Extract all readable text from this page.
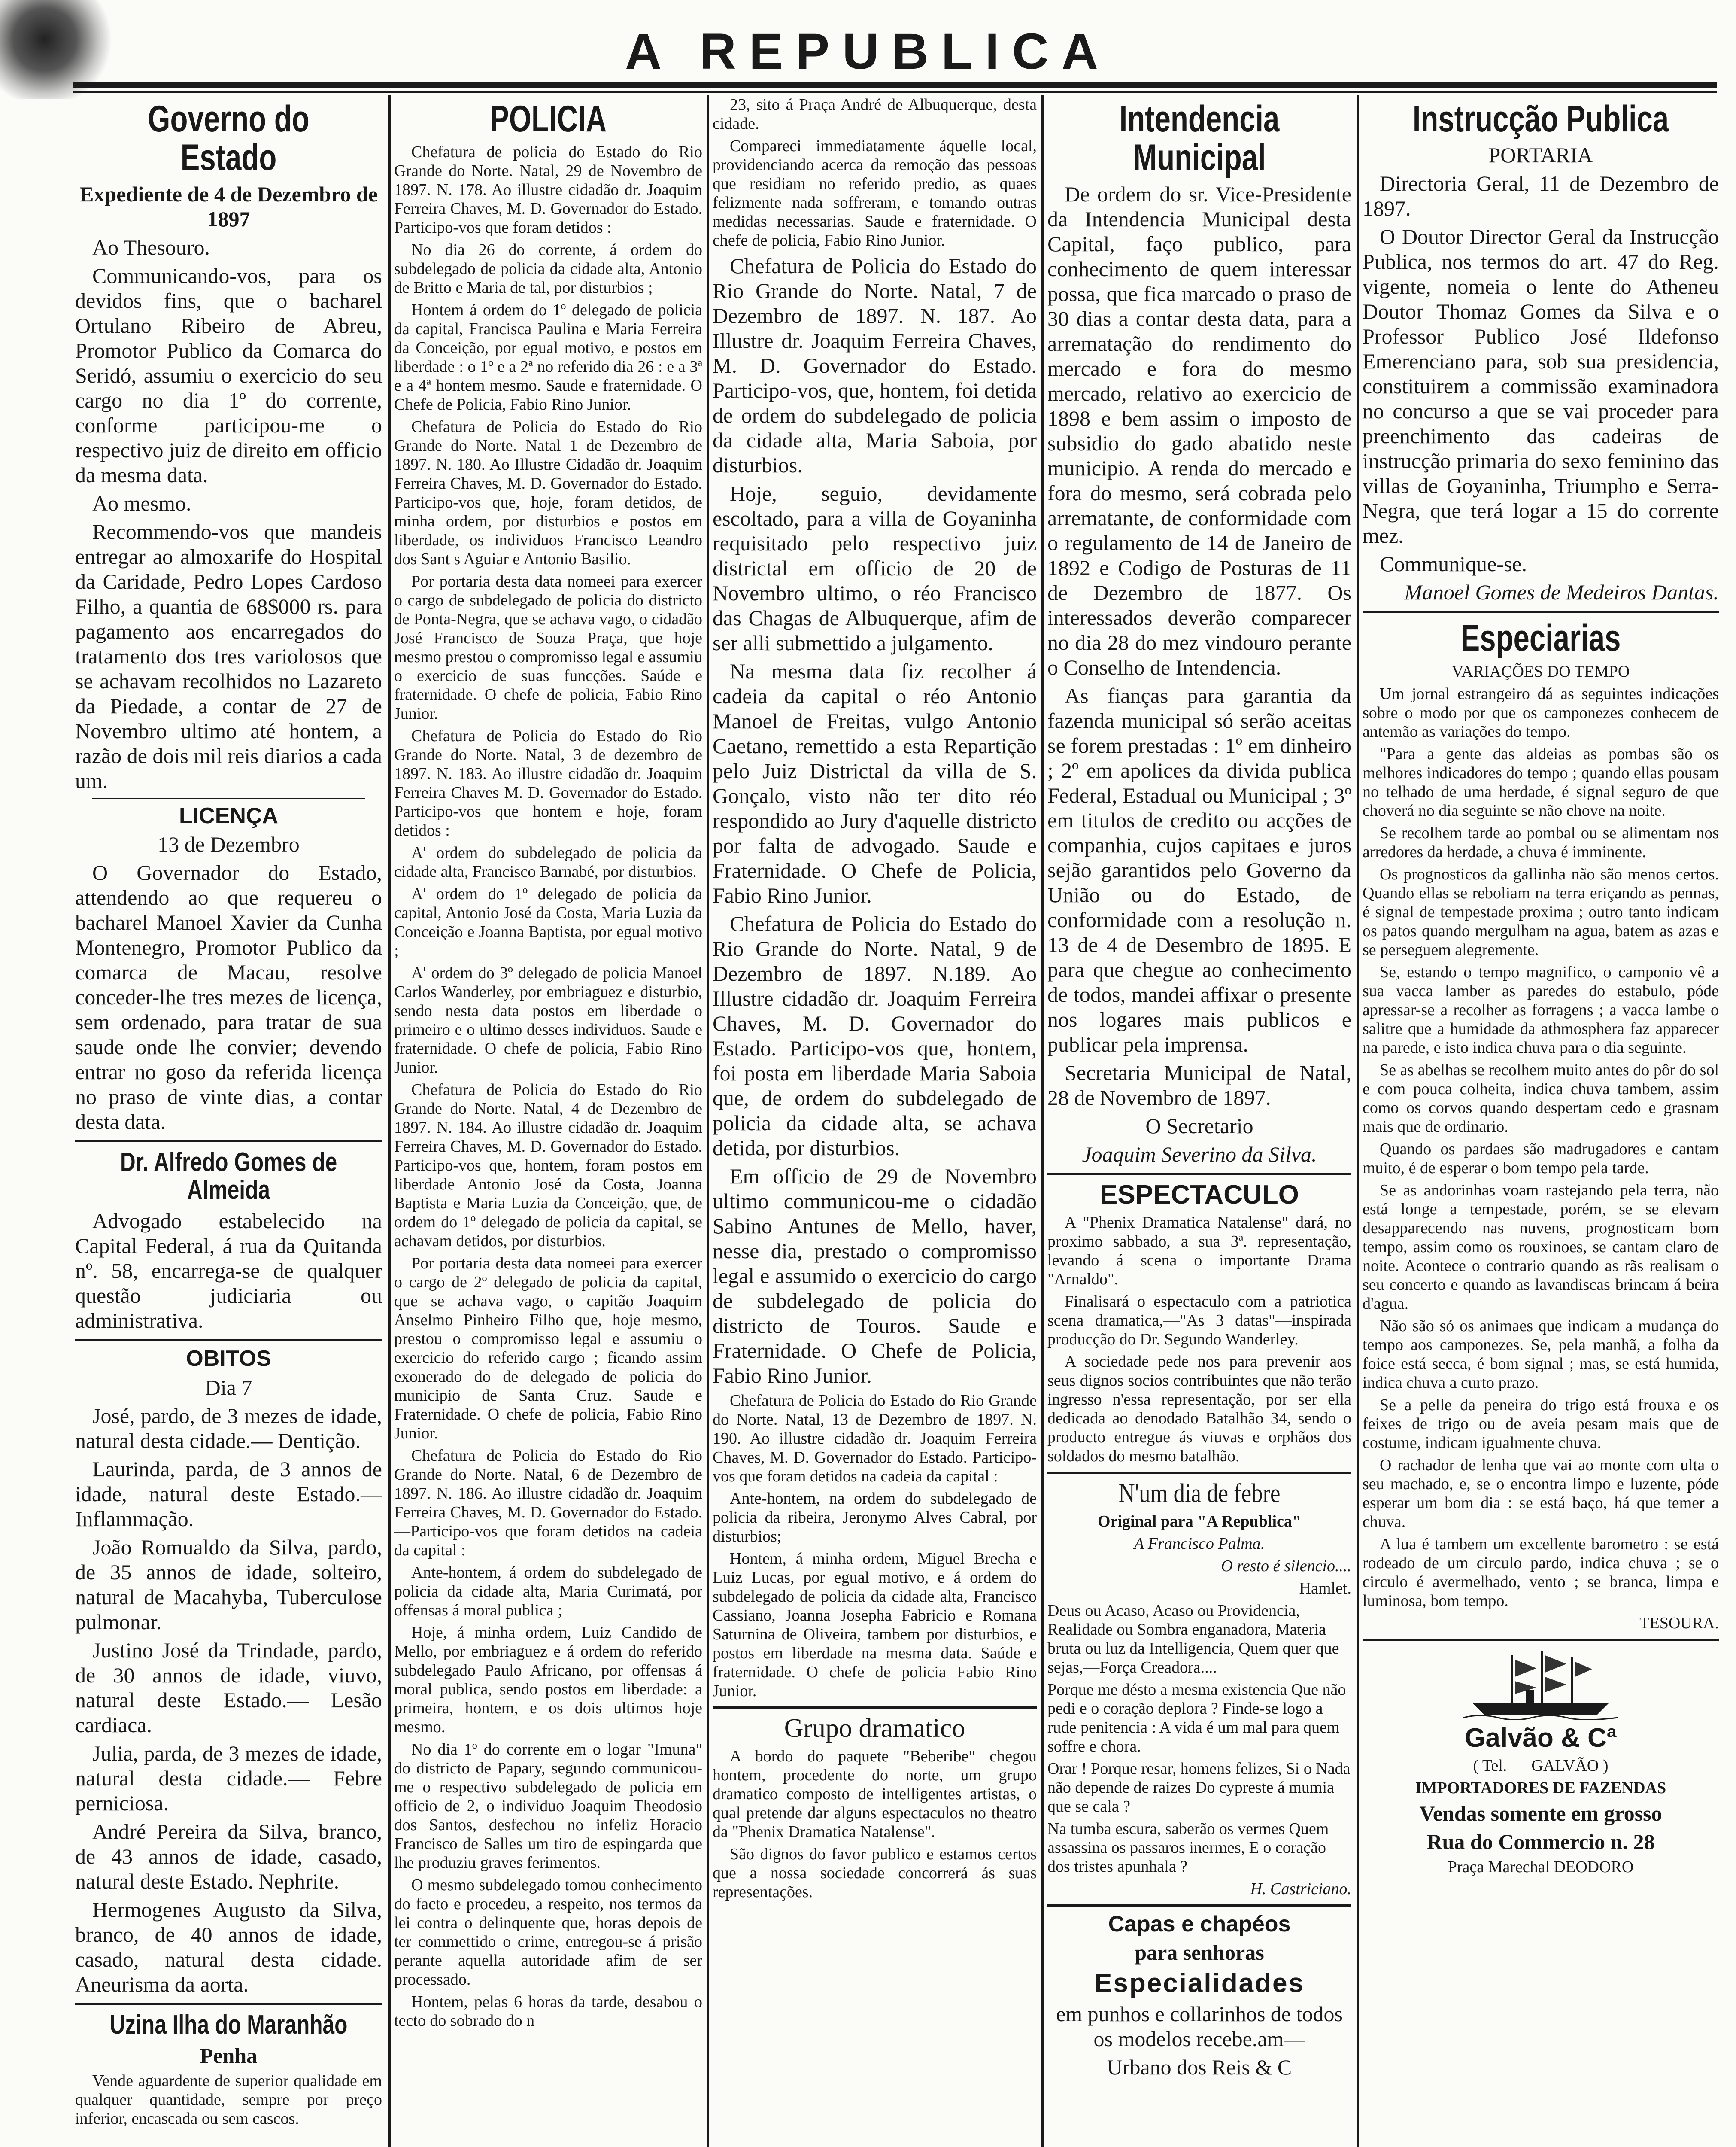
A REPUBLICA
Governo do Estado

Expediente de 4 de Dezembro de 1897

Ao Thesouro.

Communicando-vos, para os devidos fins, que o bacharel Ortulano Ribeiro de Abreu, Promotor Publico da Comarca do Seridó, assumiu o exercicio do seu cargo no dia 1º do corrente, conforme participou-me o respectivo juiz de direito em officio da mesma data.

Ao mesmo.

Recommendo-vos que mandeis entregar ao almoxarife do Hospital da Caridade, Pedro Lopes Cardoso Filho, a quantia de 68$000 rs. para pagamento aos encarregados do tratamento dos tres variolosos que se achavam recolhidos no Lazareto da Piedade, a contar de 27 de Novembro ultimo até hontem, a razão de dois mil reis diarios a cada um.

LICENÇA

13 de Dezembro

O Governador do Estado, attendendo ao que requereu o bacharel Manoel Xavier da Cunha Montenegro, Promotor Publico da comarca de Macau, resolve conceder-lhe tres mezes de licença, sem ordenado, para tratar de sua saude onde lhe convier; devendo entrar no goso da referida licença no praso de vinte dias, a contar desta data.

Dr. Alfredo Gomes de Almeida

Advogado estabelecido na Capital Federal, á rua da Quitanda nº. 58, encarrega-se de qualquer questão judiciaria ou administrativa.

OBITOS

Dia 7

José, pardo, de 3 mezes de idade, natural desta cidade.— Dentição.

Laurinda, parda, de 3 annos de idade, natural deste Estado.— Inflammação.

João Romualdo da Silva, pardo, de 35 annos de idade, solteiro, natural de Macahyba, Tuberculose pulmonar.

Justino José da Trindade, pardo, de 30 annos de idade, viuvo, natural deste Estado.— Lesão cardiaca.

Julia, parda, de 3 mezes de idade, natural desta cidade.— Febre perniciosa.

André Pereira da Silva, branco, de 43 annos de idade, casado, natural deste Estado. Nephrite.

Hermogenes Augusto da Silva, branco, de 40 annos de idade, casado, natural desta cidade. Aneurisma da aorta.

Uzina Ilha do Maranhão

Penha

Vende aguardente de superior qualidade em qualquer quantidade, sempre por preço inferior, encascada ou sem cascos.

POLICIA

Chefatura de policia do Estado do Rio Grande do Norte. Natal, 29 de Novembro de 1897. N. 178. Ao illustre cidadão dr. Joaquim Ferreira Chaves, M. D. Governador do Estado. Participo-vos que foram detidos :

No dia 26 do corrente, á ordem do subdelegado de policia da cidade alta, Antonio de Britto e Maria de tal, por disturbios ;

Hontem á ordem do 1º delegado de policia da capital, Francisca Paulina e Maria Ferreira da Conceição, por egual motivo, e postos em liberdade : o 1º e a 2ª no referido dia 26 : e a 3ª e a 4ª hontem mesmo. Saude e fraternidade. O Chefe de Policia, Fabio Rino Junior.

Chefatura de Policia do Estado do Rio Grande do Norte. Natal 1 de Dezembro de 1897. N. 180. Ao Illustre Cidadão dr. Joaquim Ferreira Chaves, M. D. Governador do Estado. Participo-vos que, hoje, foram detidos, de minha ordem, por disturbios e postos em liberdade, os individuos Francisco Leandro dos Sant s Aguiar e Antonio Basilio.

Por portaria desta data nomeei para exercer o cargo de subdelegado de policia do districto de Ponta-Negra, que se achava vago, o cidadão José Francisco de Souza Praça, que hoje mesmo prestou o compromisso legal e assumiu o exercicio de suas funcções. Saúde e fraternidade. O chefe de policia, Fabio Rino Junior.

Chefatura de Policia do Estado do Rio Grande do Norte. Natal, 3 de dezembro de 1897. N. 183. Ao illustre cidadão dr. Joaquim Ferreira Chaves M. D. Governador do Estado. Participo-vos que hontem e hoje, foram detidos :

A' ordem do subdelegado de policia da cidade alta, Francisco Barnabé, por disturbios.

A' ordem do 1º delegado de policia da capital, Antonio José da Costa, Maria Luzia da Conceição e Joanna Baptista, por egual motivo ;

A' ordem do 3º delegado de policia Manoel Carlos Wanderley, por embriaguez e disturbio, sendo nesta data postos em liberdade o primeiro e o ultimo desses individuos. Saude e fraternidade. O chefe de policia, Fabio Rino Junior.

Chefatura de Policia do Estado do Rio Grande do Norte. Natal, 4 de Dezembro de 1897. N. 184. Ao illustre cidadão dr. Joaquim Ferreira Chaves, M. D. Governador do Estado. Participo-vos que, hontem, foram postos em liberdade Antonio José da Costa, Joanna Baptista e Maria Luzia da Conceição, que, de ordem do 1º delegado de policia da capital, se achavam detidos, por disturbios.

Por portaria desta data nomeei para exercer o cargo de 2º delegado de policia da capital, que se achava vago, o capitão Joaquim Anselmo Pinheiro Filho que, hoje mesmo, prestou o compromisso legal e assumiu o exercicio do referido cargo ; ficando assim exonerado do de delegado de policia do municipio de Santa Cruz. Saude e Fraternidade. O chefe de policia, Fabio Rino Junior.

Chefatura de Policia do Estado do Rio Grande do Norte. Natal, 6 de Dezembro de 1897. N. 186. Ao illustre cidadão dr. Joaquim Ferreira Chaves, M. D. Governador do Estado.—Participo-vos que foram detidos na cadeia da capital :

Ante-hontem, á ordem do subdelegado de policia da cidade alta, Maria Curimatá, por offensas á moral publica ;

Hoje, á minha ordem, Luiz Candido de Mello, por embriaguez e á ordem do referido subdelegado Paulo Africano, por offensas á moral publica, sendo postos em liberdade: a primeira, hontem, e os dois ultimos hoje mesmo.

No dia 1º do corrente em o logar "Imuna" do districto de Papary, segundo communicou-me o respectivo subdelegado de policia em officio de 2, o individuo Joaquim Theodosio dos Santos, desfechou no infeliz Horacio Francisco de Salles um tiro de espingarda que lhe produziu graves ferimentos.

O mesmo subdelegado tomou conhecimento do facto e procedeu, a respeito, nos termos da lei contra o delinquente que, horas depois de ter commettido o crime, entregou-se á prisão perante aquella autoridade afim de ser processado.

Hontem, pelas 6 horas da tarde, desabou o tecto do sobrado do n

23, sito á Praça André de Albuquerque, desta cidade.

Compareci immediatamente áquelle local, providenciando acerca da remoção das pessoas que residiam no referido predio, as quaes felizmente nada soffreram, e tomando outras medidas necessarias. Saude e fraternidade. O chefe de policia, Fabio Rino Junior.

Chefatura de Policia do Estado do Rio Grande do Norte. Natal, 7 de Dezembro de 1897. N. 187. Ao Illustre dr. Joaquim Ferreira Chaves, M. D. Governador do Estado. Participo-vos, que, hontem, foi detida de ordem do subdelegado de policia da cidade alta, Maria Saboia, por disturbios.

Hoje, seguio, devidamente escoltado, para a villa de Goyaninha requisitado pelo respectivo juiz districtal em officio de 20 de Novembro ultimo, o réo Francisco das Chagas de Albuquerque, afim de ser alli submettido a julgamento.

Na mesma data fiz recolher á cadeia da capital o réo Antonio Manoel de Freitas, vulgo Antonio Caetano, remettido a esta Repartição pelo Juiz Districtal da villa de S. Gonçalo, visto não ter dito réo respondido ao Jury d'aquelle districto por falta de advogado. Saude e Fraternidade. O Chefe de Policia, Fabio Rino Junior.

Chefatura de Policia do Estado do Rio Grande do Norte. Natal, 9 de Dezembro de 1897. N.189. Ao Illustre cidadão dr. Joaquim Ferreira Chaves, M. D. Governador do Estado. Participo-vos que, hontem, foi posta em liberdade Maria Saboia que, de ordem do subdelegado de policia da cidade alta, se achava detida, por disturbios.

Em officio de 29 de Novembro ultimo communicou-me o cidadão Sabino Antunes de Mello, haver, nesse dia, prestado o compromisso legal e assumido o exercicio do cargo de subdelegado de policia do districto de Touros. Saude e Fraternidade. O Chefe de Policia, Fabio Rino Junior.

Chefatura de Policia do Estado do Rio Grande do Norte. Natal, 13 de Dezembro de 1897. N. 190. Ao illustre cidadão dr. Joaquim Ferreira Chaves, M. D. Governador do Estado. Participo-vos que foram detidos na cadeia da capital :

Ante-hontem, na ordem do subdelegado de policia da ribeira, Jeronymo Alves Cabral, por disturbios;

Hontem, á minha ordem, Miguel Brecha e Luiz Lucas, por egual motivo, e á ordem do subdelegado de policia da cidade alta, Francisco Cassiano, Joanna Josepha Fabricio e Romana Saturnina de Oliveira, tambem por disturbios, e postos em liberdade na mesma data. Saúde e fraternidade. O chefe de policia Fabio Rino Junior.

Grupo dramatico

A bordo do paquete "Beberibe" chegou hontem, procedente do norte, um grupo dramatico composto de intelligentes artistas, o qual pretende dar alguns espectaculos no theatro da "Phenix Dramatica Natalense".

São dignos do favor publico e estamos certos que a nossa sociedade concorrerá ás suas representações.

Intendencia Municipal

De ordem do sr. Vice-Presidente da Intendencia Municipal desta Capital, faço publico, para conhecimento de quem interessar possa, que fica marcado o praso de 30 dias a contar desta data, para a arrematação do rendimento do mercado e fora do mesmo mercado, relativo ao exercicio de 1898 e bem assim o imposto de subsidio do gado abatido neste municipio. A renda do mercado e fora do mesmo, será cobrada pelo arrematante, de conformidade com o regulamento de 14 de Janeiro de 1892 e Codigo de Posturas de 11 de Dezembro de 1877. Os interessados deverão comparecer no dia 28 do mez vindouro perante o Conselho de Intendencia.

As fianças para garantia da fazenda municipal só serão aceitas se forem prestadas : 1º em dinheiro ; 2º em apolices da divida publica Federal, Estadual ou Municipal ; 3º em titulos de credito ou acções de companhia, cujos capitaes e juros sejão garantidos pelo Governo da União ou do Estado, de conformidade com a resolução n. 13 de 4 de Desembro de 1895. E para que chegue ao conhecimento de todos, mandei affixar o presente nos logares mais publicos e publicar pela imprensa.

Secretaria Municipal de Natal, 28 de Novembro de 1897.

O Secretario

Joaquim Severino da Silva.

ESPECTACULO

A "Phenix Dramatica Natalense" dará, no proximo sabbado, a sua 3ª. representação, levando á scena o importante Drama "Arnaldo".

Finalisará o espectaculo com a patriotica scena dramatica,—"As 3 datas"—inspirada producção do Dr. Segundo Wanderley.

A sociedade pede nos para prevenir aos seus dignos socios contribuintes que não terão ingresso n'essa representação, por ser ella dedicada ao denodado Batalhão 34, sendo o producto entregue ás viuvas e orphãos dos soldados do mesmo batalhão.

N'um dia de febre

Original para "A Republica"

A Francisco Palma.

O resto é silencio....

Hamlet.

Deus ou Acaso, Acaso ou Providencia, Realidade ou Sombra enganadora, Materia bruta ou luz da Intelligencia, Quem quer que sejas,—Força Creadora....

Porque me désto a mesma existencia Que não pedi e o coração deplora ? Finde-se logo a rude penitencia : A vida é um mal para quem soffre e chora.

Orar ! Porque resar, homens felizes, Si o Nada não depende de raizes Do cypreste á mumia que se cala ?

Na tumba escura, saberão os vermes Quem assassina os passaros inermes, E o coração dos tristes apunhala ?

H. Castriciano.

Capas e chapéos

para senhoras

Especialidades

em punhos e collarinhos de todos os modelos recebe.am—

Urbano dos Reis & C

Instrucção Publica

PORTARIA

Directoria Geral, 11 de Dezembro de 1897.

O Doutor Director Geral da Instrucção Publica, nos termos do art. 47 do Reg. vigente, nomeia o lente do Atheneu Doutor Thomaz Gomes da Silva e o Professor Publico José Ildefonso Emerenciano para, sob sua presidencia, constituirem a commissão examinadora no concurso a que se vai proceder para preenchimento das cadeiras de instrucção primaria do sexo feminino das villas de Goyaninha, Triumpho e Serra-Negra, que terá logar a 15 do corrente mez.

Communique-se.

Manoel Gomes de Medeiros Dantas.

Especiarias

VARIAÇÕES DO TEMPO

Um jornal estrangeiro dá as seguintes indicações sobre o modo por que os camponezes conhecem de antemão as variações do tempo.

"Para a gente das aldeias as pombas são os melhores indicadores do tempo ; quando ellas pousam no telhado de uma herdade, é signal seguro de que choverá no dia seguinte se não chove na noite.

Se recolhem tarde ao pombal ou se alimentam nos arredores da herdade, a chuva é imminente.

Os prognosticos da gallinha não são menos certos. Quando ellas se reboliam na terra eriçando as pennas, é signal de tempestade proxima ; outro tanto indicam os patos quando mergulham na agua, batem as azas e se perseguem alegremente.

Se, estando o tempo magnifico, o camponio vê a sua vacca lamber as paredes do estabulo, póde apressar-se a recolher as forragens ; a vacca lambe o salitre que a humidade da athmosphera faz apparecer na parede, e isto indica chuva para o dia seguinte.

Se as abelhas se recolhem muito antes do pôr do sol e com pouca colheita, indica chuva tambem, assim como os corvos quando despertam cedo e grasnam mais que de ordinario.

Quando os pardaes são madrugadores e cantam muito, é de esperar o bom tempo pela tarde.

Se as andorinhas voam rastejando pela terra, não está longe a tempestade, porém, se se elevam desapparecendo nas nuvens, prognosticam bom tempo, assim como os rouxinoes, se cantam claro de noite. Acontece o contrario quando as rãs realisam o seu concerto e quando as lavandiscas brincam á beira d'agua.

Não são só os animaes que indicam a mudança do tempo aos camponezes. Se, pela manhã, a folha da foice está secca, é bom signal ; mas, se está humida, indica chuva a curto prazo.

Se a pelle da peneira do trigo está frouxa e os feixes de trigo ou de aveia pesam mais que de costume, indicam igualmente chuva.

O rachador de lenha que vai ao monte com ulta o seu machado, e, se o encontra limpo e luzente, póde esperar um bom dia : se está baço, há que temer a chuva.

A lua é tambem um excellente barometro : se está rodeado de um circulo pardo, indica chuva ; se o circulo é avermelhado, vento ; se branca, limpa e luminosa, bom tempo.

TESOURA.

Galvão & Cª

( Tel. — GALVÃO )

IMPORTADORES DE FAZENDAS

Vendas somente em grosso

Rua do Commercio n. 28

Praça Marechal DEODORO
